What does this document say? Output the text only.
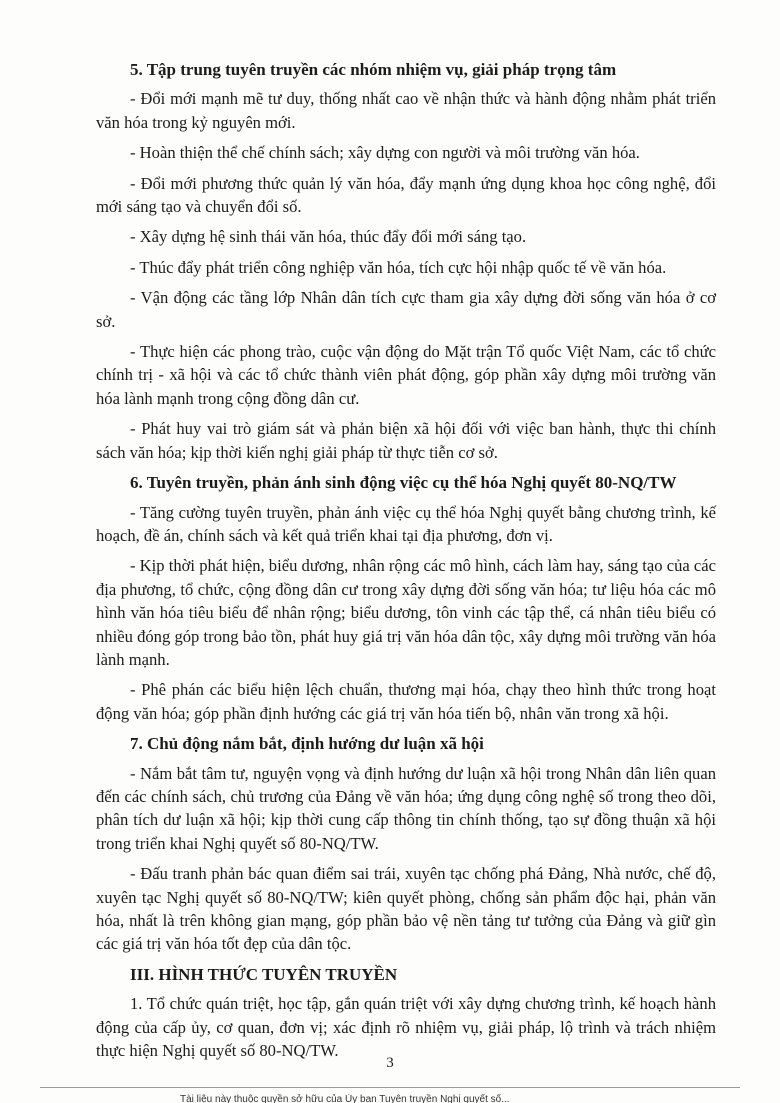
5. Tập trung tuyên truyền các nhóm nhiệm vụ, giải pháp trọng tâm

- Đổi mới mạnh mẽ tư duy, thống nhất cao về nhận thức và hành động nhằm phát triển văn hóa trong kỷ nguyên mới.

- Hoàn thiện thể chế chính sách; xây dựng con người và môi trường văn hóa.

- Đổi mới phương thức quản lý văn hóa, đẩy mạnh ứng dụng khoa học công nghệ, đổi mới sáng tạo và chuyển đổi số.

- Xây dựng hệ sinh thái văn hóa, thúc đẩy đổi mới sáng tạo.

- Thúc đẩy phát triển công nghiệp văn hóa, tích cực hội nhập quốc tế về văn hóa.

- Vận động các tầng lớp Nhân dân tích cực tham gia xây dựng đời sống văn hóa ở cơ sở.

- Thực hiện các phong trào, cuộc vận động do Mặt trận Tổ quốc Việt Nam, các tổ chức chính trị - xã hội và các tổ chức thành viên phát động, góp phần xây dựng môi trường văn hóa lành mạnh trong cộng đồng dân cư.

- Phát huy vai trò giám sát và phản biện xã hội đối với việc ban hành, thực thi chính sách văn hóa; kịp thời kiến nghị giải pháp từ thực tiễn cơ sở.

6. Tuyên truyền, phản ánh sinh động việc cụ thể hóa Nghị quyết 80-NQ/TW

- Tăng cường tuyên truyền, phản ánh việc cụ thể hóa Nghị quyết bằng chương trình, kế hoạch, đề án, chính sách và kết quả triển khai tại địa phương, đơn vị.

- Kịp thời phát hiện, biểu dương, nhân rộng các mô hình, cách làm hay, sáng tạo của các địa phương, tổ chức, cộng đồng dân cư trong xây dựng đời sống văn hóa; tư liệu hóa các mô hình văn hóa tiêu biểu để nhân rộng; biểu dương, tôn vinh các tập thể, cá nhân tiêu biểu có nhiều đóng góp trong bảo tồn, phát huy giá trị văn hóa dân tộc, xây dựng môi trường văn hóa lành mạnh.

- Phê phán các biểu hiện lệch chuẩn, thương mại hóa, chạy theo hình thức trong hoạt động văn hóa; góp phần định hướng các giá trị văn hóa tiến bộ, nhân văn trong xã hội.

7. Chủ động nắm bắt, định hướng dư luận xã hội

- Nắm bắt tâm tư, nguyện vọng và định hướng dư luận xã hội trong Nhân dân liên quan đến các chính sách, chủ trương của Đảng về văn hóa; ứng dụng công nghệ số trong theo dõi, phân tích dư luận xã hội; kịp thời cung cấp thông tin chính thống, tạo sự đồng thuận xã hội trong triển khai Nghị quyết số 80-NQ/TW.

- Đấu tranh phản bác quan điểm sai trái, xuyên tạc chống phá Đảng, Nhà nước, chế độ, xuyên tạc Nghị quyết số 80-NQ/TW; kiên quyết phòng, chống sản phẩm độc hại, phản văn hóa, nhất là trên không gian mạng, góp phần bảo vệ nền tảng tư tưởng của Đảng và giữ gìn các giá trị văn hóa tốt đẹp của dân tộc.

III. HÌNH THỨC TUYÊN TRUYỀN

1. Tổ chức quán triệt, học tập, gắn quán triệt với xây dựng chương trình, kế hoạch hành động của cấp ủy, cơ quan, đơn vị; xác định rõ nhiệm vụ, giải pháp, lộ trình và trách nhiệm thực hiện Nghị quyết số 80-NQ/TW.

3
Tài liệu này thuộc quyền sở hữu của Ủy ban Tuyên truyền Nghị quyết số...
